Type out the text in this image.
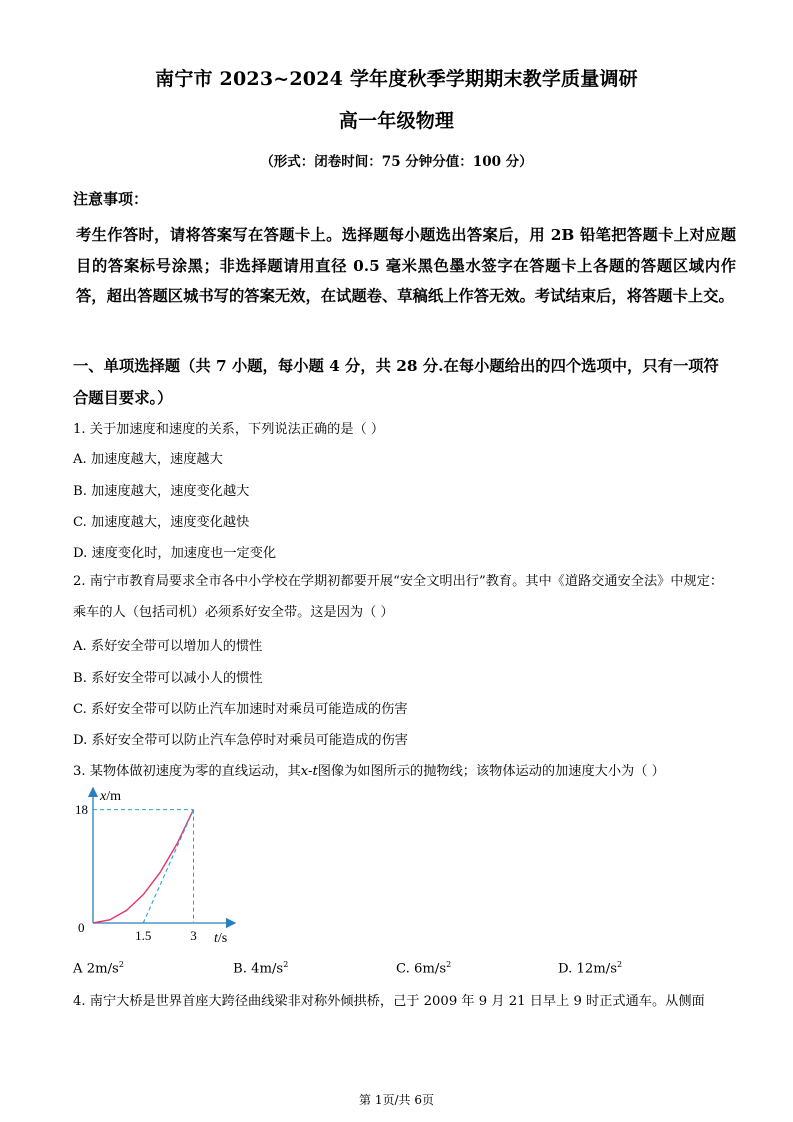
南宁市 2023~2024 学年度秋季学期期末教学质量调研
高一年级物理
（形式：闭卷时间：75 分钟分值：100 分）
注意事项：
考生作答时，请将答案写在答题卡上。选择题每小题选出答案后，用 2B 铅笔把答题卡上对应题目的答案标号涂黑；非选择题请用直径 0.5 毫米黑色墨水签字在答题卡上各题的答题区域内作答，超出答题区城书写的答案无效，在试题卷、草稿纸上作答无效。考试结束后，将答题卡上交。
一、单项选择题（共 7 小题，每小题 4 分，共 28 分.在每小题给出的四个选项中，只有一项符合题目要求。）
1. 关于加速度和速度的关系，下列说法正确的是（ ）
A. 加速度越大，速度越大
B. 加速度越大，速度变化越大
C. 加速度越大，速度变化越快
D. 速度变化时，加速度也一定变化
2. 南宁市教育局要求全市各中小学校在学期初都要开展“安全文明出行”教育。其中《道路交通安全法》中规定：乘车的人（包括司机）必须系好安全带。这是因为（ ）
A. 系好安全带可以增加人的惯性
B. 系好安全带可以减小人的惯性
C. 系好安全带可以防止汽车加速时对乘员可能造成的伤害
D. 系好安全带可以防止汽车急停时对乘员可能造成的伤害
3. 某物体做初速度为零的直线运动，其x-t图像为如图所示的抛物线；该物体运动的加速度大小为（ ）
x/m
t/s
18
0
1.5	3
A $2m/s^2$	B. $4m/s^2$	C. $6m/s^2$	D. $12m/s^2$
4. 南宁大桥是世界首座大跨径曲线梁非对称外倾拱桥，己于 2009 年 9 月 21 日早上 9 时正式通车。从侧面
第 1页/共 6页
